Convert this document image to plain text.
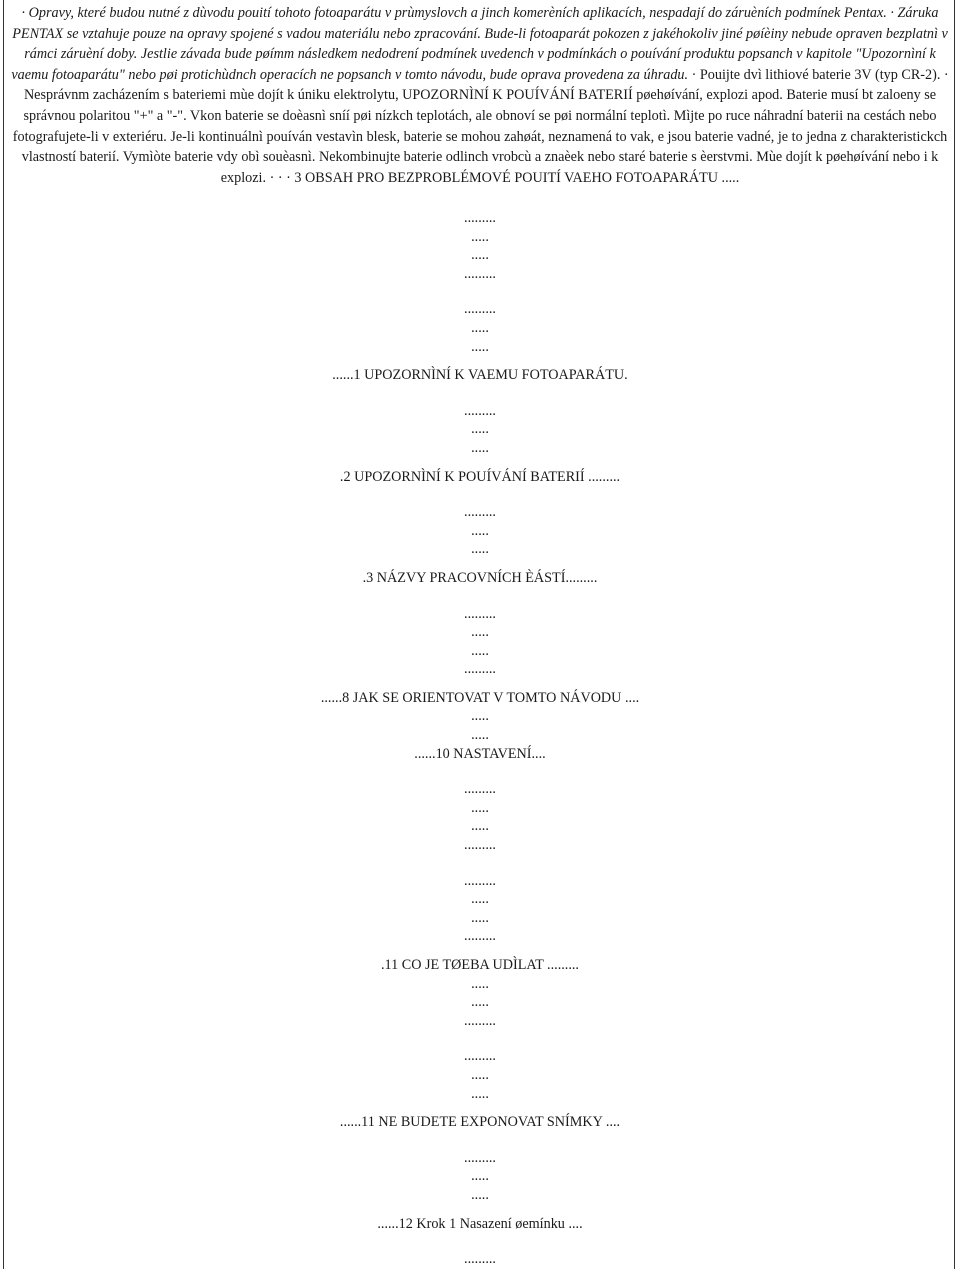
· Opravy, které budou nutné z dùvodu pouití tohoto fotoaparátu v prùmyslovch a jinch komerèních aplikacích, nespadají do záruèních podmínek Pentax. · Záruka PENTAX se vztahuje pouze na opravy spojené s vadou materiálu nebo zpracování. Bude-li fotoaparát pokozen z jakéhokoliv jiné pøíèiny nebude opraven bezplatnì v rámci záruèní doby. Jestlie závada bude pøímm následkem nedodrení podmínek uvedench v podmínkách o pouívání produktu popsanch v kapitole "Upozornìní k vaemu fotoaparátu" nebo pøi protichùdnch operacích ne popsanch v tomto návodu, bude oprava provedena za úhradu. · Pouijte dvì lithiové baterie 3V (typ CR-2). · Nesprávnm zacházením s bateriemi mùe dojít k úniku elektrolytu, UPOZORNÌNÍ K POUÍVÁNÍ BATERIÍ pøehøívání, explozi apod. Baterie musí bt zaloeny se správnou polaritou "+" a "-". Vkon baterie se doèasnì sníí pøi nízkch teplotách, ale obnoví se pøi normální teplotì. Mìjte po ruce náhradní baterii na cestách nebo fotografujete-li v exteriéru. Je-li kontinuálnì pouíván vestavìn blesk, baterie se mohou zahøát, neznamená to vak, e jsou baterie vadné, je to jedna z charakteristickch vlastností baterií. Vymìòte baterie vdy obì souèasnì. Nekombinujte baterie odlinch vrobcù a znaèek nebo staré baterie s èerstvmi. Mùe dojít k pøehøívání nebo i k explozi. · · · 3 OBSAH PRO BEZPROBLÉMOVÉ POUITÍ VAEHO FOTOAPARÁTU .....
.........
.....
.....
.........
.........
.....
.....
......1 UPOZORNÌNÍ K VAEMU FOTOAPARÁTU.
.........
.....
.....
.2 UPOZORNÌNÍ K POUÍVÁNÍ BATERIÍ .........
.........
.....
.....
.3 NÁZVY PRACOVNÍCH ÈÁSTÍ.........
.........
.....
.....
.........
......8 JAK SE ORIENTOVAT V TOMTO NÁVODU ....
.....
.....
......10 NASTAVENÍ....
.........
.....
.....
.........
.........
.....
.....
.........
.11 CO JE TØEBA UDÌLAT .........
.....
.....
.........
.........
.....
.....
......11 NE BUDETE EXPONOVAT SNÍMKY ....
.........
.....
.....
......12 Krok 1 Nasazení øemínku ....
.........
